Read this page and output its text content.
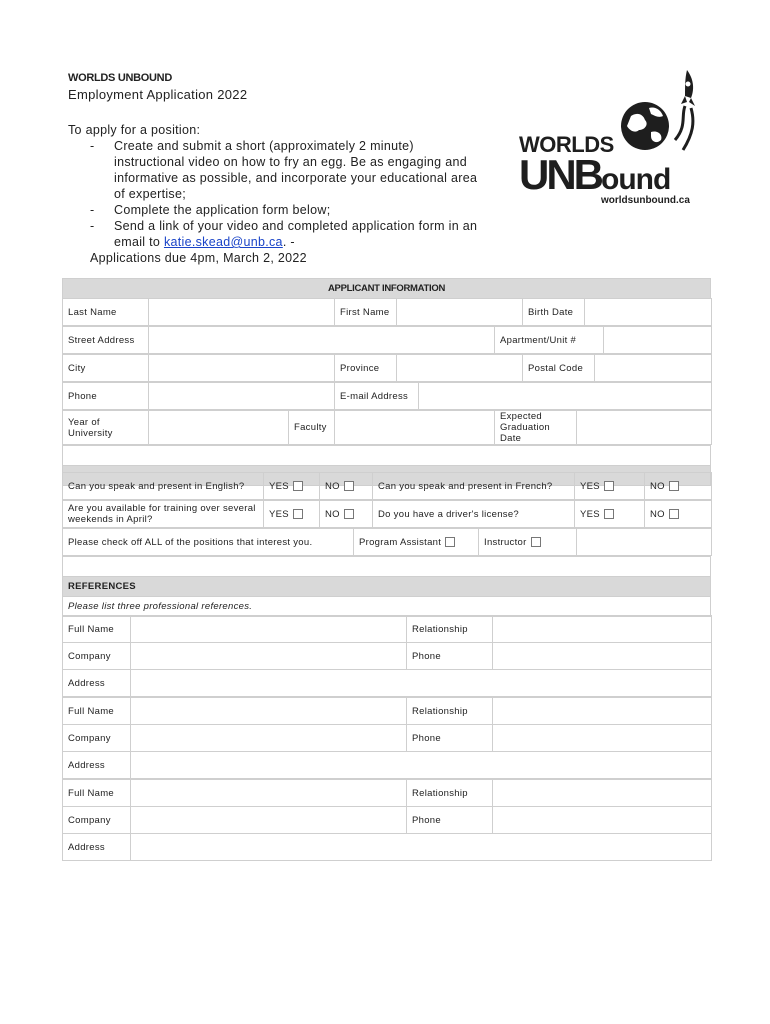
WORLDS UNBOUND
Employment Application 2022
To apply for a position:
- Create and submit a short (approximately 2 minute) instructional video on how to fry an egg. Be as engaging and informative as possible, and incorporate your educational area of expertise;
- Complete the application form below;
- Send a link of your video and completed application form in an email to katie.skead@unb.ca. -
Applications due 4pm, March 2, 2022
WORLDS
UNBound
worldsunbound.ca
APPLICANT INFORMATION
Last Name		First Name		Birth Date	
Street Address		Apartment/Unit #	
City		Province		Postal Code	
Phone		E-mail Address	
Year of University		Faculty		Expected Graduation Date	

Can you speak and present in English?	YES	NO	Can you speak and present in French?	YES	NO
Are you available for training over several weekends in April?	YES	NO	Do you have a driver's license?	YES	NO
Please check off ALL of the positions that interest you.	Program Assistant	Instructor	

REFERENCES
Please list three professional references.
Full Name		Relationship	
Company		Phone	
Address			
Full Name		Relationship	
Company		Phone	
Address			
Full Name		Relationship	
Company		Phone	
Address			
